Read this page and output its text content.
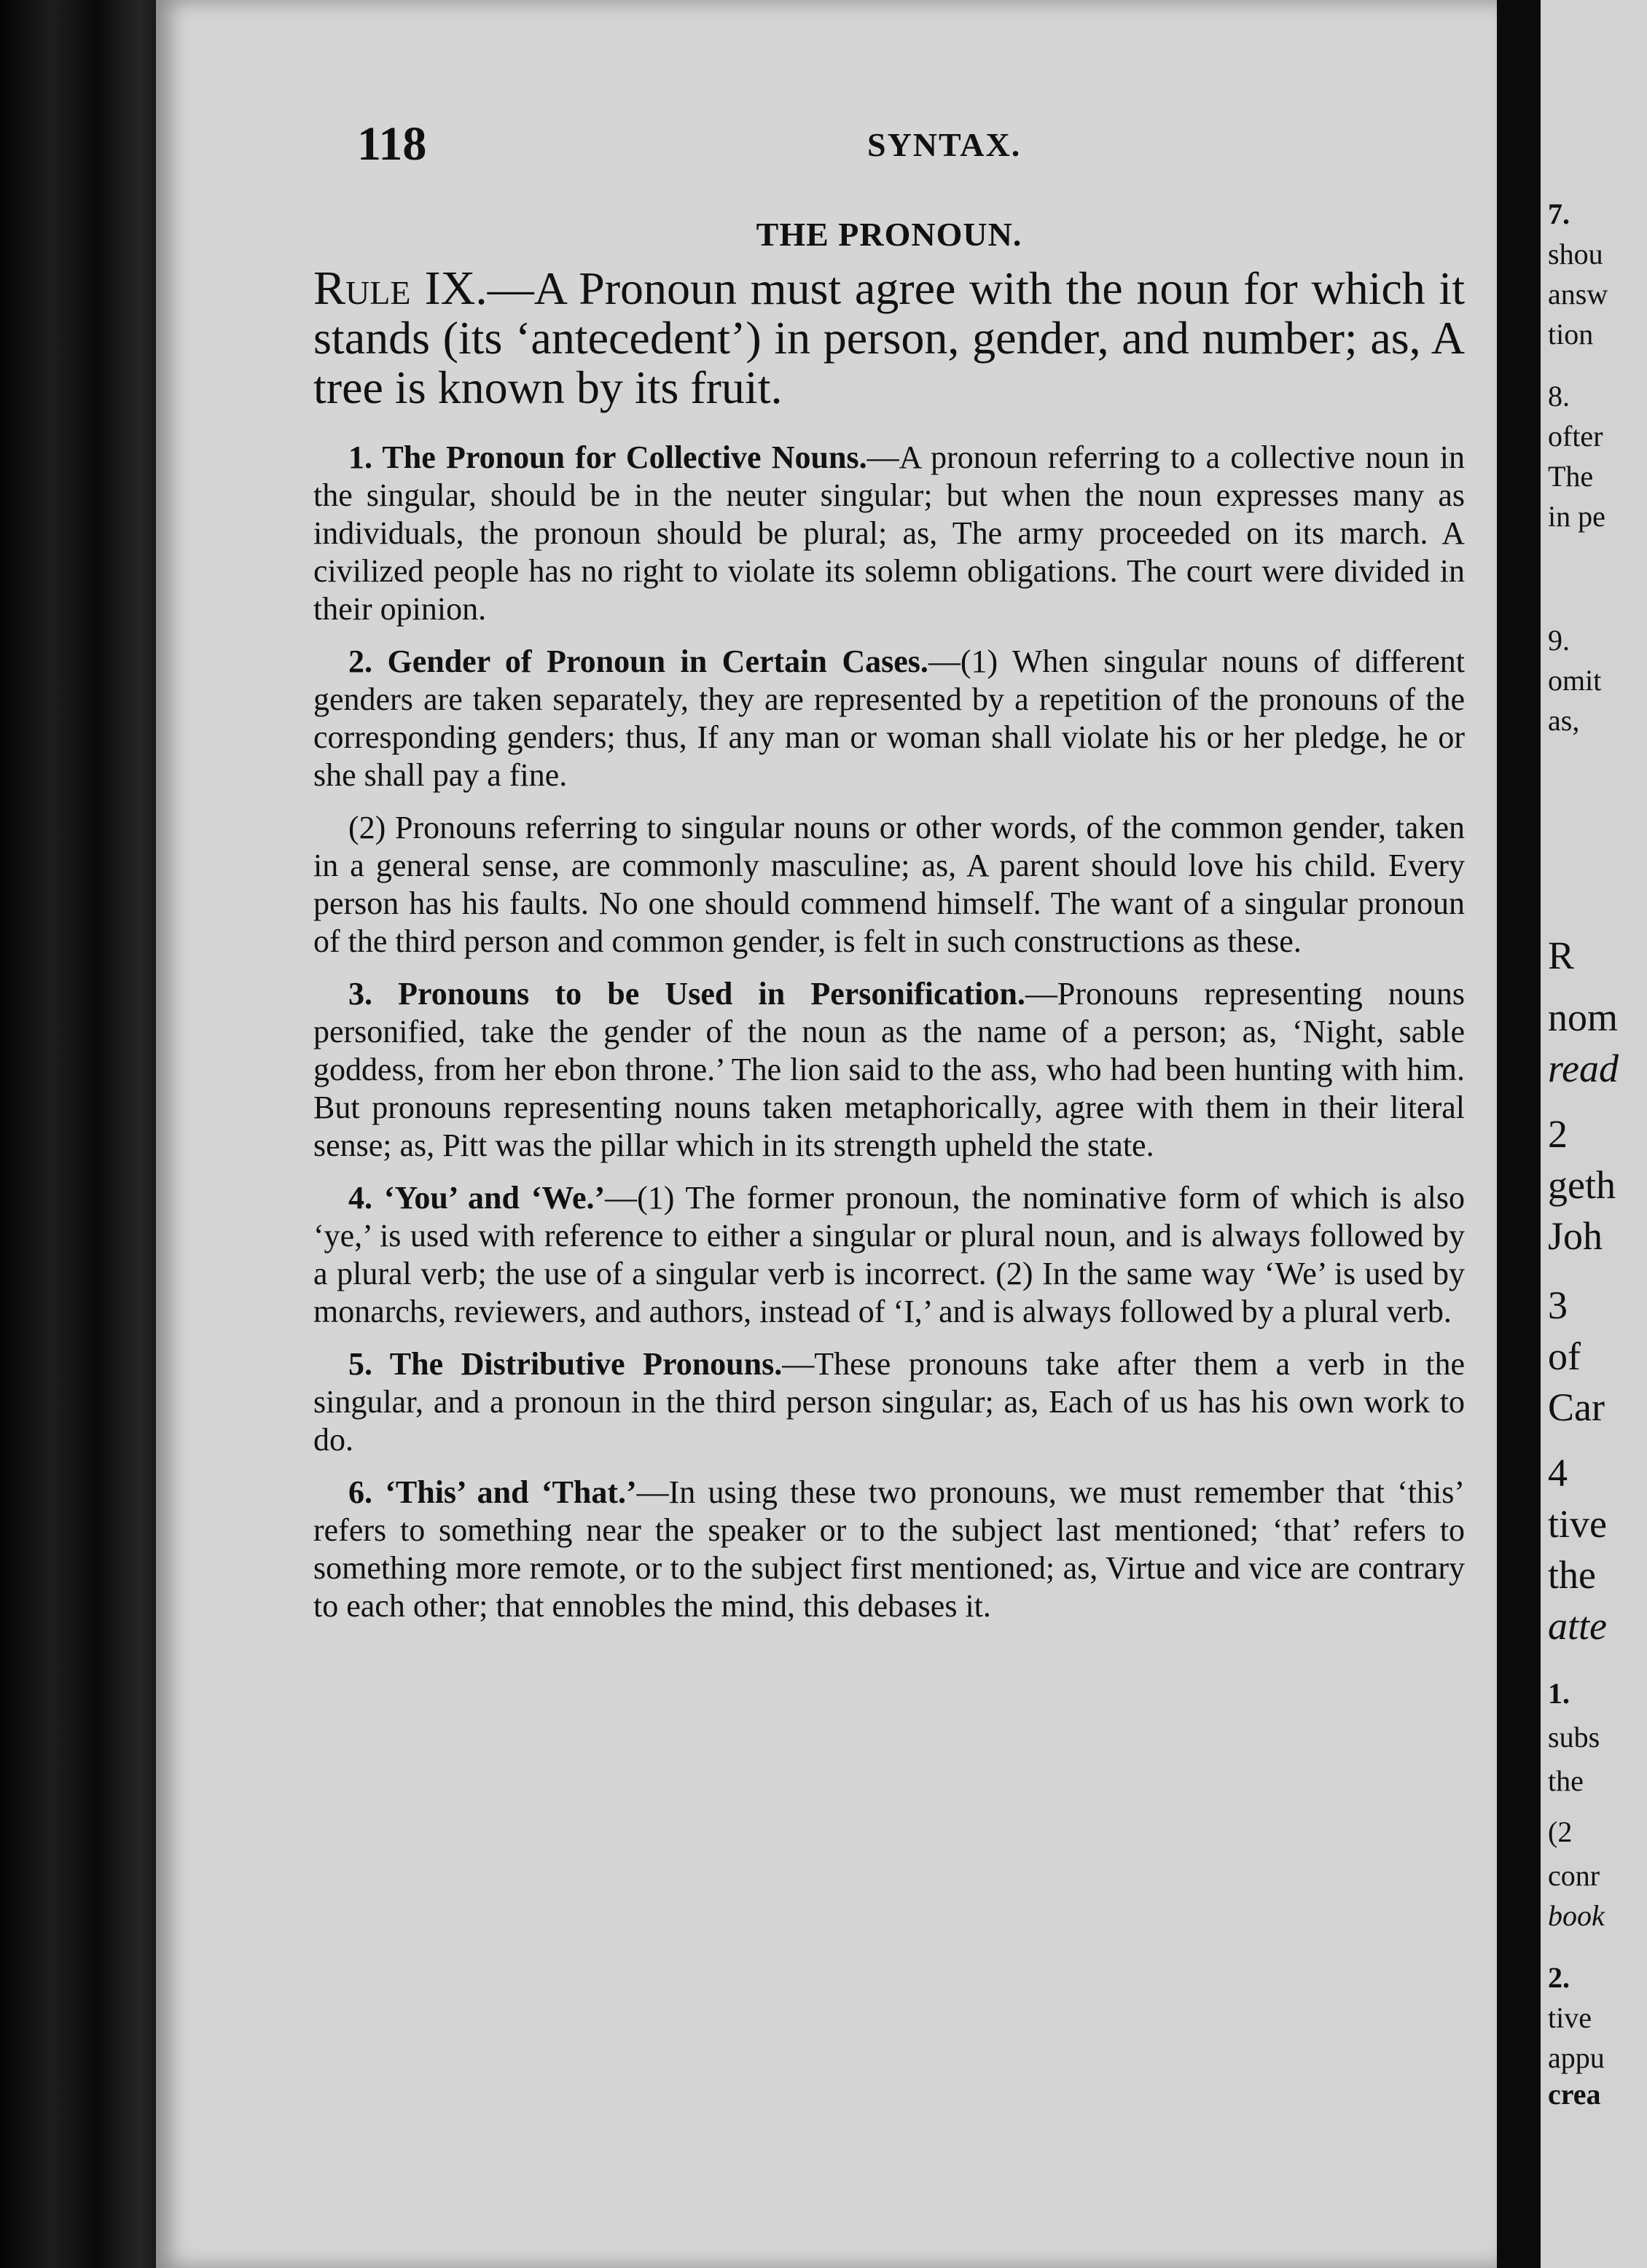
118	SYNTAX.
THE PRONOUN.

Rule IX.—A Pronoun must agree with the noun for which it stands (its ‘antecedent’) in person, gender, and number; as, A tree is known by its fruit.

1. The Pronoun for Collective Nouns.—A pronoun referring to a collective noun in the singular, should be in the neuter singular; but when the noun expresses many as individuals, the pronoun should be plural; as, The army proceeded on its march. A civilized people has no right to violate its solemn obligations. The court were divided in their opinion.

2. Gender of Pronoun in Certain Cases.—(1) When singular nouns of different genders are taken separately, they are represented by a repetition of the pronouns of the corresponding genders; thus, If any man or woman shall violate his or her pledge, he or she shall pay a fine.

(2) Pronouns referring to singular nouns or other words, of the common gender, taken in a general sense, are commonly masculine; as, A parent should love his child. Every person has his faults. No one should commend himself. The want of a singular pronoun of the third person and common gender, is felt in such constructions as these.

3. Pronouns to be Used in Personification.—Pronouns representing nouns personified, take the gender of the noun as the name of a person; as, ‘Night, sable goddess, from her ebon throne.’ The lion said to the ass, who had been hunting with him. But pronouns representing nouns taken metaphorically, agree with them in their literal sense; as, Pitt was the pillar which in its strength upheld the state.

4. ‘You’ and ‘We.’—(1) The former pronoun, the nominative form of which is also ‘ye,’ is used with reference to either a singular or plural noun, and is always followed by a plural verb; the use of a singular verb is incorrect. (2) In the same way ‘We’ is used by monarchs, reviewers, and authors, instead of ‘I,’ and is always followed by a plural verb.

5. The Distributive Pronouns.—These pronouns take after them a verb in the singular, and a pronoun in the third person singular; as, Each of us has his own work to do.

6. ‘This’ and ‘That.’—In using these two pronouns, we must remember that ‘this’ refers to something near the speaker or to the subject last mentioned; ‘that’ refers to something more remote, or to the subject first mentioned; as, Virtue and vice are contrary to each other; that ennobles the mind, this debases it.

7.
shou
answ
tion
8.
ofter
The
in pe
9.
omit
as,
R
nom
read
2
geth
Joh
3
of
Car
4
tive
the
atte
1.
subs
the
(2
conr
book
2.
tive
appu
crea
